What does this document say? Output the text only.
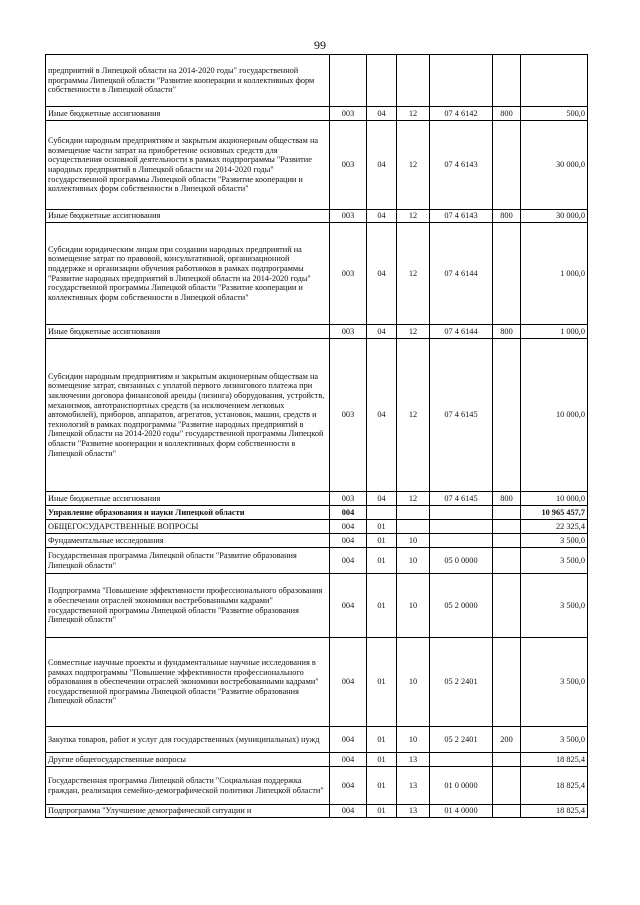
99
предприятий в Липецкой области на 2014-2020 годы" государственной программы Липецкой области "Развитие кооперации и коллективных форм собственности в Липецкой области"						
Иные бюджетные ассигнования	003	04	12	07 4 6142	800	500,0
Субсидии народным предприятиям и закрытым акционерным обществам на возмещение части затрат на приобретение основных средств для осуществления основной деятельности в рамках подпрограммы "Развитие народных предприятий в Липецкой области на 2014-2020 годы" государственной программы Липецкой области "Развитие кооперации и коллективных форм собственности в Липецкой области"	003	04	12	07 4 6143		30 000,0
Иные бюджетные ассигнования	003	04	12	07 4 6143	800	30 000,0
Субсидии юридическим лицам при создании народных предприятий на возмещение затрат по правовой, консультативной, организационной поддержке и организации обучения работников в рамках подпрограммы "Развитие народных предприятий в Липецкой области на 2014-2020 годы" государственной программы Липецкой области "Развитие кооперации и коллективных форм собственности в Липецкой области"	003	04	12	07 4 6144		1 000,0
Иные бюджетные ассигнования	003	04	12	07 4 6144	800	1 000,0
Субсидии народным предприятиям и закрытым акционерным обществам на возмещение затрат, связанных с уплатой первого лизингового платежа при заключении договора финансовой аренды (лизинга) оборудования, устройств, механизмов, автотранспортных средств (за исключением легковых автомобилей), приборов, аппаратов, агрегатов, установок, машин, средств и технологий в рамках подпрограммы "Развитие народных предприятий в Липецкой области на 2014-2020 годы" государственной программы Липецкой области "Развитие кооперации и коллективных форм собственности в Липецкой области"	003	04	12	07 4 6145		10 000,0
Иные бюджетные ассигнования	003	04	12	07 4 6145	800	10 000,0
Управление образования и науки Липецкой области	004					10 965 457,7
ОБЩЕГОСУДАРСТВЕННЫЕ ВОПРОСЫ	004	01				22 325,4
Фундаментальные исследования	004	01	10			3 500,0
Государственная программа Липецкой области "Развитие образования Липецкой области"	004	01	10	05 0 0000		3 500,0
Подпрограмма "Повышение эффективности профессионального образования в обеспечении отраслей экономики востребованными кадрами" государственной программы Липецкой области "Развитие образования Липецкой области"	004	01	10	05 2 0000		3 500,0
Совместные научные проекты и фундаментальные научные исследования в рамках подпрограммы "Повышение эффективности профессионального образования в обеспечении отраслей экономики востребованными кадрами" государственной программы Липецкой области "Развитие образования Липецкой области"	004	01	10	05 2 2401		3 500,0
Закупка товаров, работ и услуг для государственных (муниципальных) нужд	004	01	10	05 2 2401	200	3 500,0
Другие общегосударственные вопросы	004	01	13			18 825,4
Государственная программа Липецкой области "Социальная поддержка граждан, реализация семейно-демографической политики Липецкой области"	004	01	13	01 0 0000		18 825,4
Подпрограмма "Улучшение демографической ситуации и	004	01	13	01 4 0000		18 825,4
